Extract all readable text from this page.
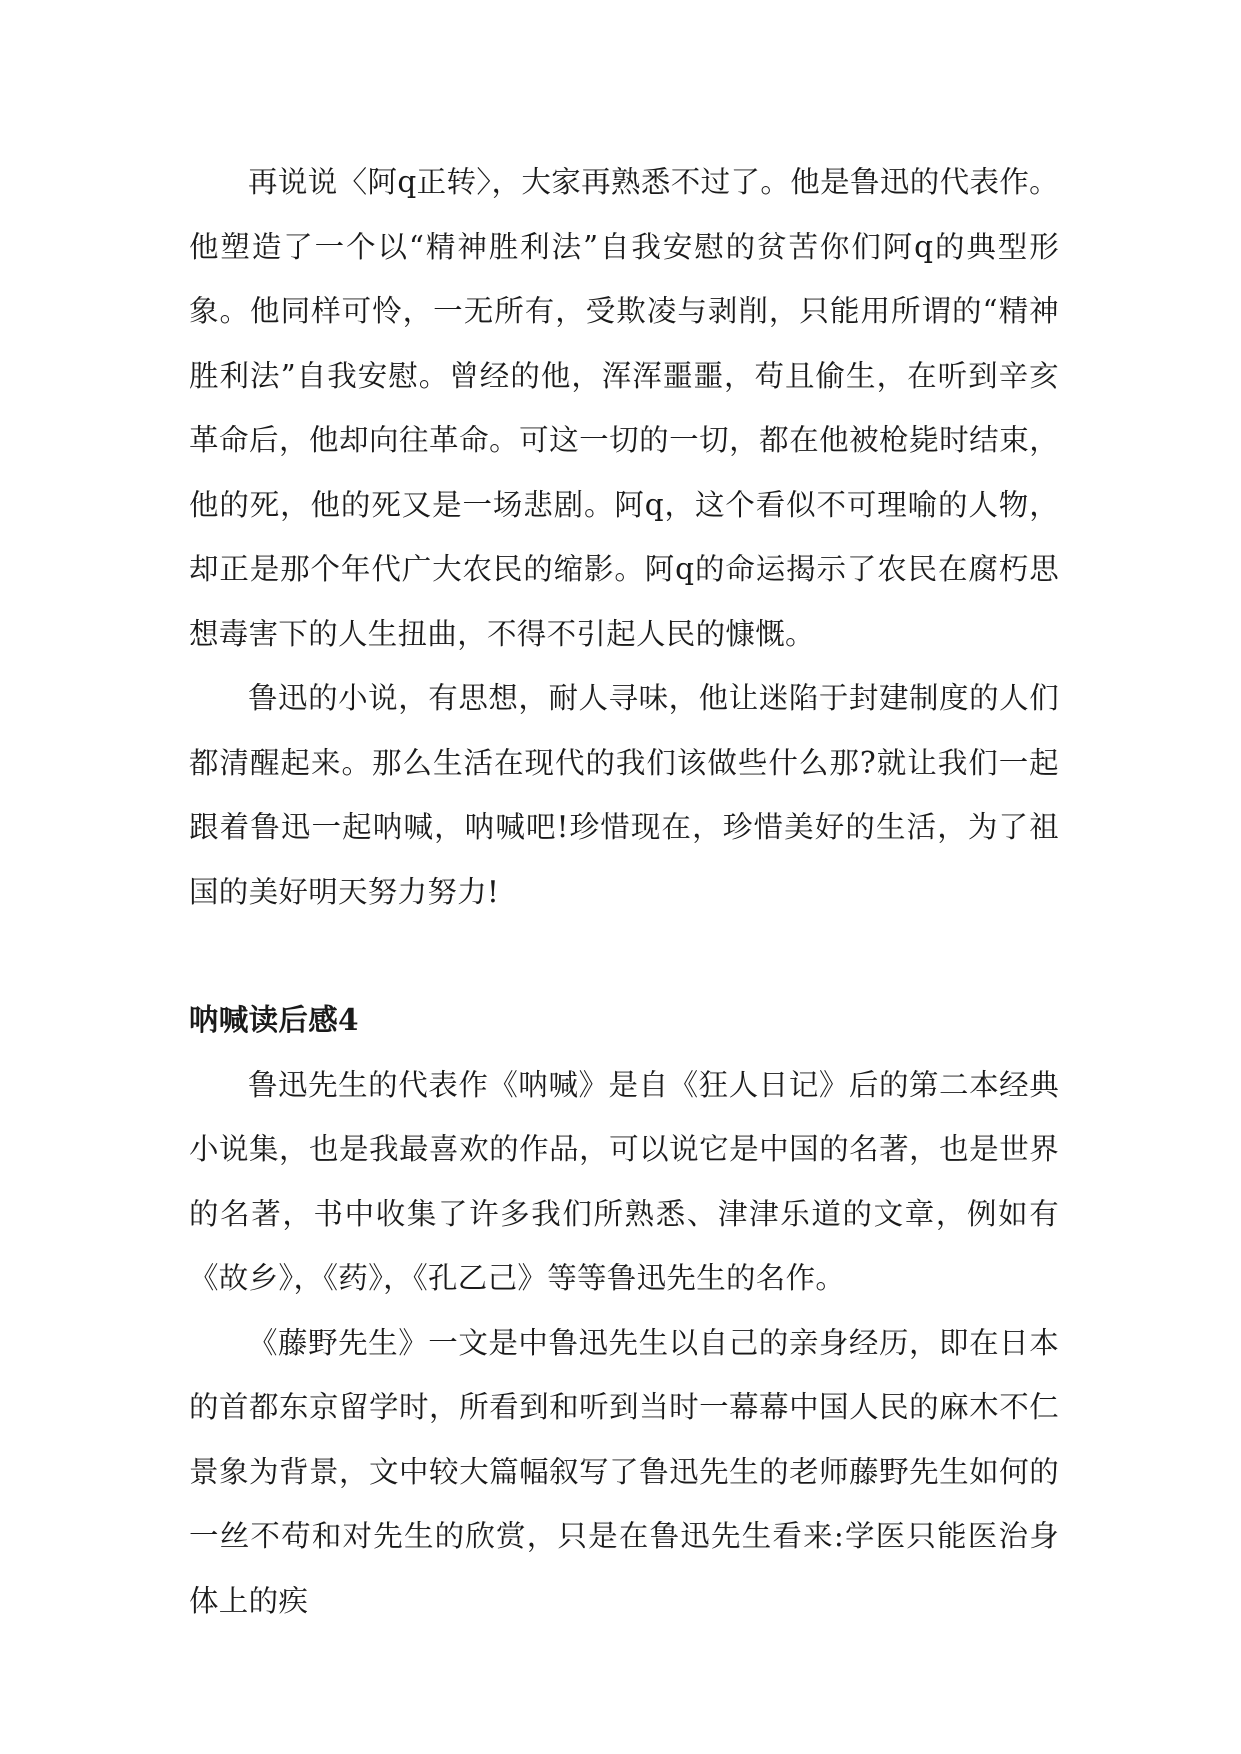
再说说〈阿q正转〉，大家再熟悉不过了。他是鲁迅的代表作。他塑造了一个以“精神胜利法”自我安慰的贫苦你们阿q的典型形象。他同样可怜，一无所有，受欺凌与剥削，只能用所谓的“精神胜利法”自我安慰。曾经的他，浑浑噩噩，苟且偷生，在听到辛亥革命后，他却向往革命。可这一切的一切，都在他被枪毙时结束，他的死，他的死又是一场悲剧。阿q，这个看似不可理喻的人物，却正是那个年代广大农民的缩影。阿q的命运揭示了农民在腐朽思想毒害下的人生扭曲，不得不引起人民的慷慨。

鲁迅的小说，有思想，耐人寻味，他让迷陷于封建制度的人们都清醒起来。那么生活在现代的我们该做些什么那?就让我们一起跟着鲁迅一起呐喊，呐喊吧!珍惜现在，珍惜美好的生活，为了祖国的美好明天努力努力!

呐喊读后感4

鲁迅先生的代表作《呐喊》是自《狂人日记》后的第二本经典小说集，也是我最喜欢的作品，可以说它是中国的名著，也是世界的名著，书中收集了许多我们所熟悉、津津乐道的文章，例如有《故乡》，《药》，《孔乙己》等等鲁迅先生的名作。

《藤野先生》一文是中鲁迅先生以自己的亲身经历，即在日本的首都东京留学时，所看到和听到当时一幕幕中国人民的麻木不仁景象为背景，文中较大篇幅叙写了鲁迅先生的老师藤野先生如何的一丝不苟和对先生的欣赏，只是在鲁迅先生看来:学医只能医治身体上的疾
